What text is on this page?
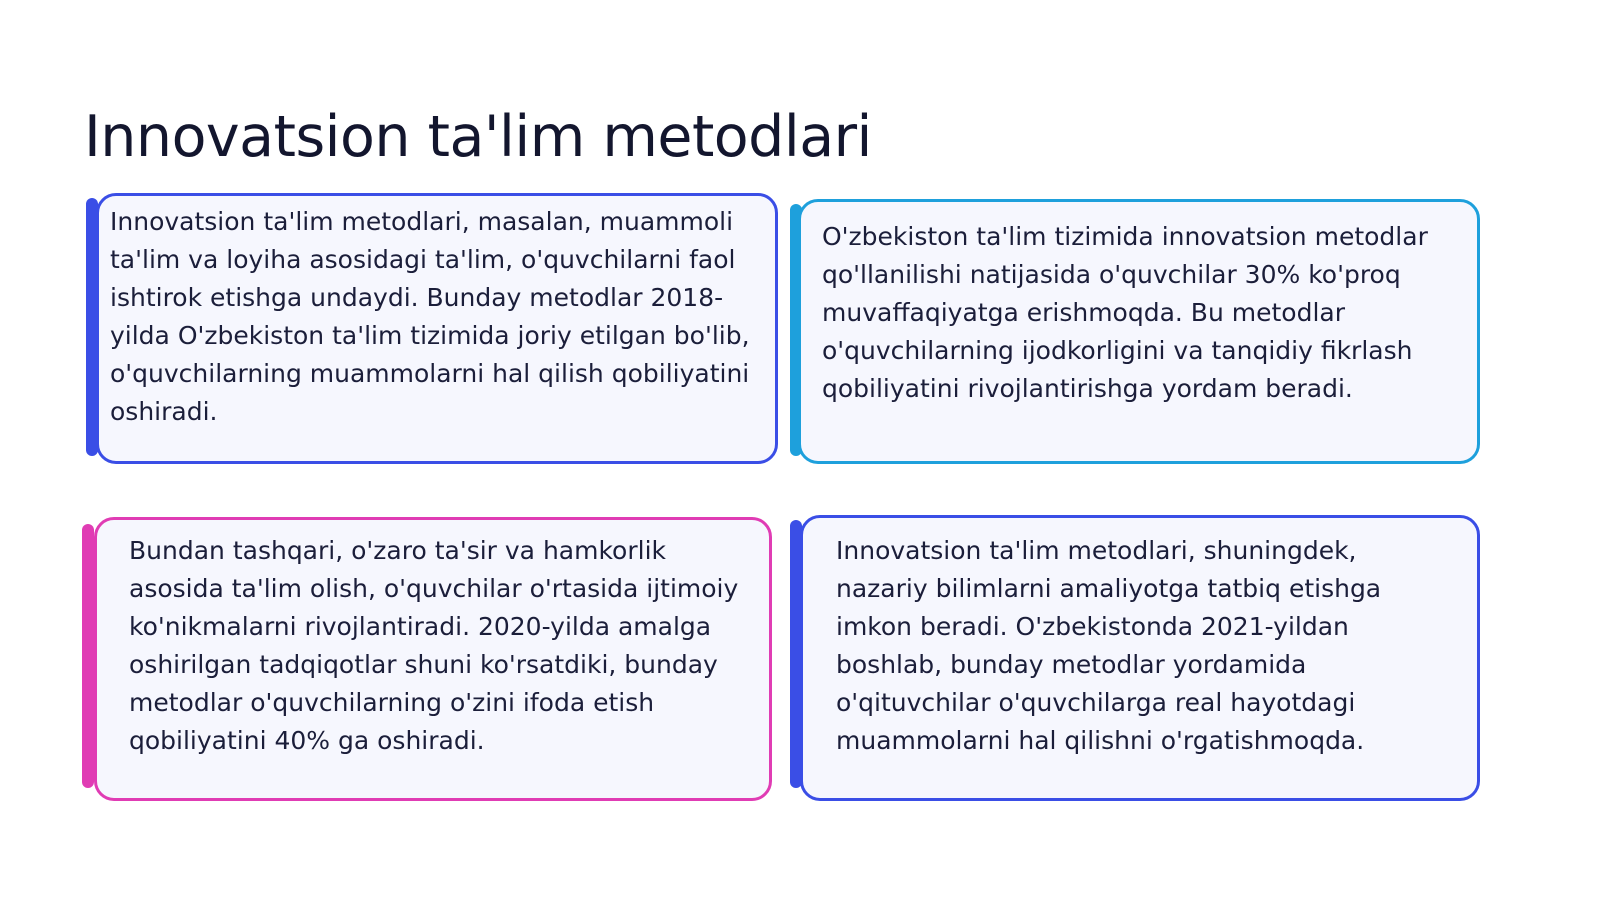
Innovatsion ta'lim metodlari

Innovatsion ta'lim metodlari, masalan, muammoli ta'lim va loyiha asosidagi ta'lim, o'quvchilarni faol ishtirok etishga undaydi. Bunday metodlar 2018-yilda O'zbekiston ta'lim tizimida joriy etilgan bo'lib, o'quvchilarning muammolarni hal qilish qobiliyatini oshiradi.

O'zbekiston ta'lim tizimida innovatsion metodlar qo'llanilishi natijasida o'quvchilar 30% ko'proq muvaffaqiyatga erishmoqda. Bu metodlar o'quvchilarning ijodkorligini va tanqidiy fikrlash qobiliyatini rivojlantirishga yordam beradi.

Bundan tashqari, o'zaro ta'sir va hamkorlik asosida ta'lim olish, o'quvchilar o'rtasida ijtimoiy ko'nikmalarni rivojlantiradi. 2020-yilda amalga oshirilgan tadqiqotlar shuni ko'rsatdiki, bunday metodlar o'quvchilarning o'zini ifoda etish qobiliyatini 40% ga oshiradi.

Innovatsion ta'lim metodlari, shuningdek, nazariy bilimlarni amaliyotga tatbiq etishga imkon beradi. O'zbekistonda 2021-yildan boshlab, bunday metodlar yordamida o'qituvchilar o'quvchilarga real hayotdagi muammolarni hal qilishni o'rgatishmoqda.
